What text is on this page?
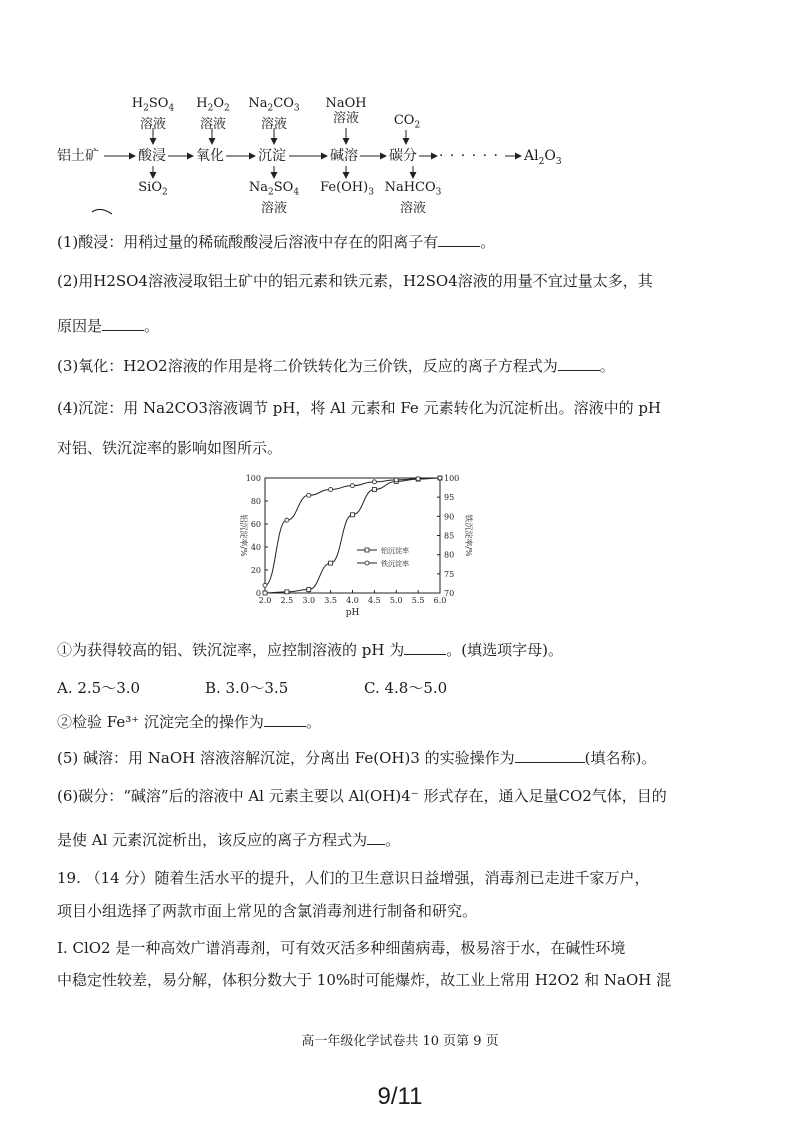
$H_2SO_4$
溶液
$H_2O_2$
溶液
$Na_2CO_3$
溶液
NaOH
溶液	$CO_2$
铝土矿	酸浸 氧化 沉淀	碱溶 碳分 · · · · · · $Al_2O_3$
SiO$_2$	$Na_2SO_4$
溶液
$Fe(OH)_3$ NaHCO$_3$
溶液
(1)酸浸：用稍过量的稀硫酸酸浸后溶液中存在的阳离子有	。
(2)用H2SO4溶液浸取铝土矿中的铝元素和铁元素，H2SO4溶液的用量不宜过量太多，其
原因是	。
(3)氧化：H2O2溶液的作用是将二价铁转化为三价铁，反应的离子方程式为	。
(4)沉淀：用 Na2CO3溶液调节 pH，将 Al 元素和 Fe 元素转化为沉淀析出。溶液中的 pH
对铝、铁沉淀率的影响如图所示。
2.0 2.5 3.0 3.5 4.0 4.5 5.0 5.5 6.0
0
20
40
60
80
100
70
75
80
85
90
95
100
pH
铝沉淀率/%	铁沉淀率/%
铝沉淀率
铁沉淀率
①为获得较高的铝、铁沉淀率，应控制溶液的 pH 为	。(填选项字母)。
A. 2.5～3.0	B. 3.0～3.5	C. 4.8～5.0
②检验 Fe³⁺ 沉淀完全的操作为	。
(5) 碱溶：用 NaOH 溶液溶解沉淀，分离出 Fe(OH)3 的实验操作为	(填名称)。
(6)碳分：“碱溶”后的溶液中 Al 元素主要以 Al(OH)4⁻ 形式存在，通入足量CO2气体，目的
是使 Al 元素沉淀析出，该反应的离子方程式为 。
19. （14 分）随着生活水平的提升，人们的卫生意识日益增强，消毒剂已走进千家万户，
项目小组选择了两款市面上常见的含氯消毒剂进行制备和研究。
Ⅰ. ClO2 是一种高效广谱消毒剂，可有效灭活多种细菌病毒，极易溶于水，在碱性环境
中稳定性较差，易分解，体积分数大于 10%时可能爆炸，故工业上常用 H2O2 和 NaOH 混
高一年级化学试卷共 10 页第 9 页
9/11
